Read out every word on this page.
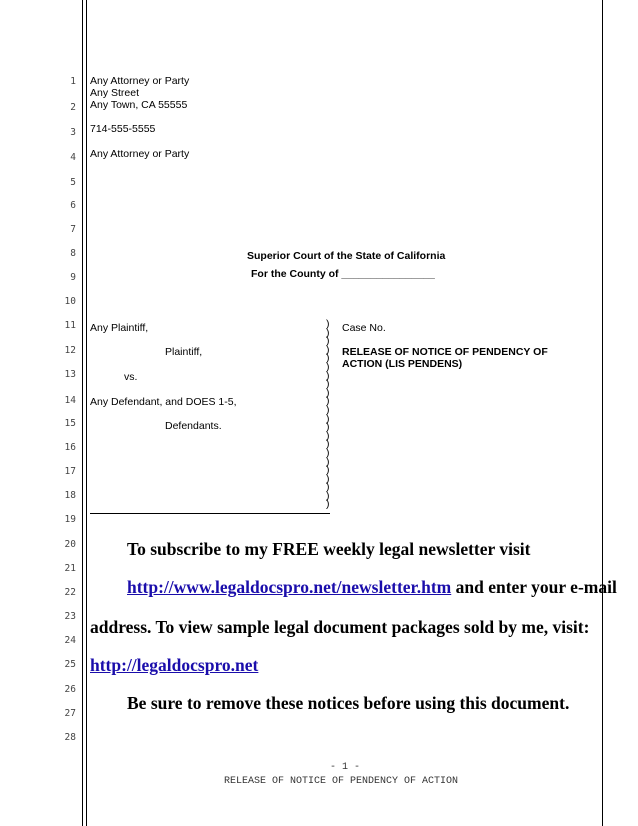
1
2
3
4
5
6
7
8
9
10
11
12
13
14
15
16
17
18
19
20
21
22
23
24
25
26
27
28
Any Attorney or Party
Any Street
Any Town, CA 55555
714-555-5555
Any Attorney or Party
Superior Court of the State of California
For the County of ________________
Any Plaintiff,
Plaintiff,
vs.
Any Defendant, and DOES 1-5,
Defendants.
)
)
)
)
)
)
)
)
)
)
)
)
)
)
)
)
)
)
)
)
)
)
Case No.
RELEASE OF NOTICE OF PENDENCY OF
ACTION (LIS PENDENS)
To subscribe to my FREE weekly legal newsletter visit
http://www.legaldocspro.net/newsletter.htm and enter your e-mail
address. To view sample legal document packages sold by me, visit:
http://legaldocspro.net
Be sure to remove these notices before using this document.
- 1 -
RELEASE OF NOTICE OF PENDENCY OF ACTION
